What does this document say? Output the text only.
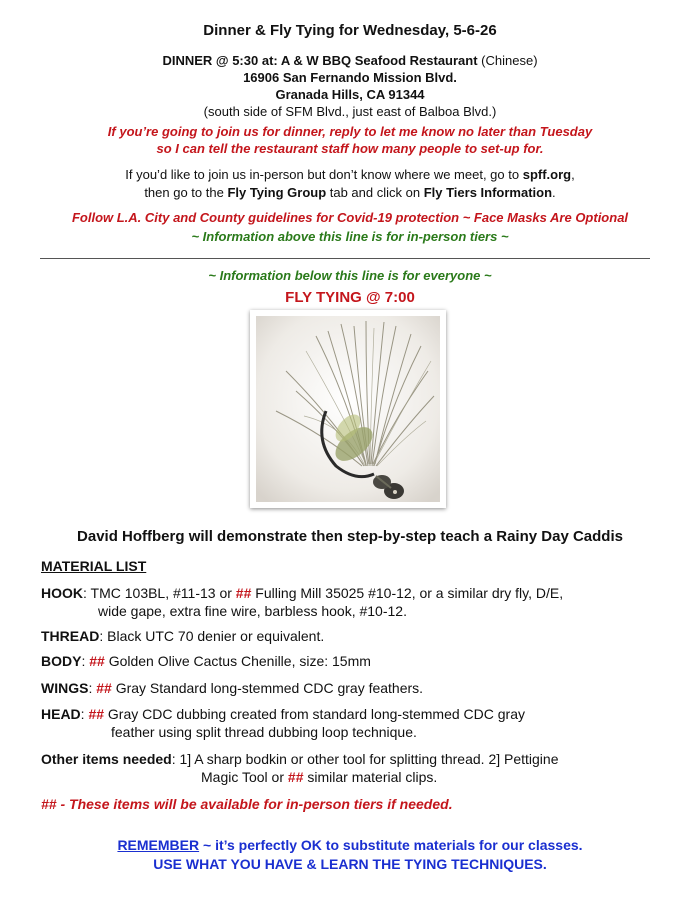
Dinner & Fly Tying for Wednesday, 5-6-26
DINNER @ 5:30 at: A & W BBQ Seafood Restaurant (Chinese)
16906 San Fernando Mission Blvd.
Granada Hills, CA 91344
(south side of SFM Blvd., just east of Balboa Blvd.)
If you’re going to join us for dinner, reply to let me know no later than Tuesday
so I can tell the restaurant staff how many people to set-up for.
If you’d like to join us in-person but don’t know where we meet, go to spff.org,
then go to the Fly Tying Group tab and click on Fly Tiers Information.
Follow L.A. City and County guidelines for Covid-19 protection ~ Face Masks Are Optional
~ Information above this line is for in-person tiers ~
~ Information below this line is for everyone ~
FLY TYING @ 7:00
David Hoffberg will demonstrate then step-by-step teach a Rainy Day Caddis
MATERIAL LIST
HOOK: TMC 103BL, #11-13 or ## Fulling Mill 35025 #10-12, or a similar dry fly, D/E,
wide gape, extra fine wire, barbless hook, #10-12.
THREAD: Black UTC 70 denier or equivalent.
BODY: ## Golden Olive Cactus Chenille, size: 15mm
WINGS: ## Gray Standard long-stemmed CDC gray feathers.
HEAD: ## Gray CDC dubbing created from standard long-stemmed CDC gray
feather using split thread dubbing loop technique.
Other items needed: 1] A sharp bodkin or other tool for splitting thread. 2] Pettigine
Magic Tool or ## similar material clips.
## - These items will be available for in-person tiers if needed.
REMEMBER ~ it’s perfectly OK to substitute materials for our classes.
USE WHAT YOU HAVE & LEARN THE TYING TECHNIQUES.
